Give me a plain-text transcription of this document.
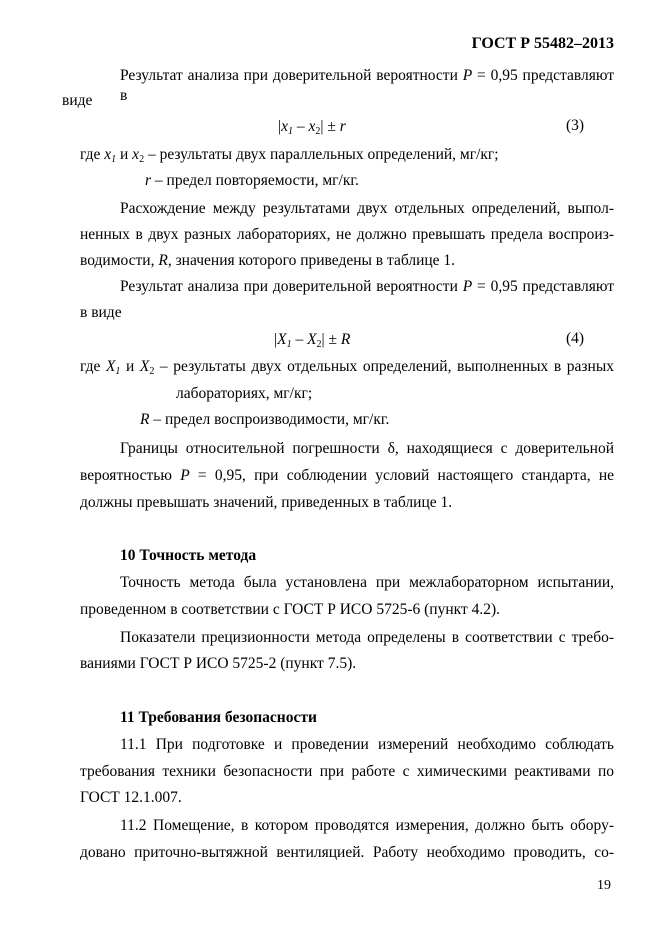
ГОСТ Р 55482–2013
Результат анализа при доверительной вероятности P = 0,95 представляют в
виде
$|x_1 - x_2| \pm r$	(3)
где $x_1$ и $x_2$ – результаты двух параллельных определений, мг/кг;
r – предел повторяемости, мг/кг.
Расхождение между результатами двух отдельных определений, выпол-
ненных в двух разных лабораториях, не должно превышать предела воспроиз-
водимости, R, значения которого приведены в таблице 1.
Результат анализа при доверительной вероятности P = 0,95 представляют
в виде
$|X_1 - X_2| \pm R$	(4)
где $X_1$ и $X_2$ – результаты двух отдельных определений, выполненных в разных
лабораториях, мг/кг;
R – предел воспроизводимости, мг/кг.
Границы относительной погрешности δ, находящиеся с доверительной
вероятностью P = 0,95, при соблюдении условий настоящего стандарта, не
должны превышать значений, приведенных в таблице 1.
10 Точность метода
Точность метода была установлена при межлабораторном испытании,
проведенном в соответствии с ГОСТ Р ИСО 5725-6 (пункт 4.2).
Показатели прецизионности метода определены в соответствии с требо-
ваниями ГОСТ Р ИСО 5725-2 (пункт 7.5).
11 Требования безопасности
11.1 При подготовке и проведении измерений необходимо соблюдать
требования техники безопасности при работе с химическими реактивами по
ГОСТ 12.1.007.
11.2 Помещение, в котором проводятся измерения, должно быть обору-
довано приточно-вытяжной вентиляцией. Работу необходимо проводить, со-
19
